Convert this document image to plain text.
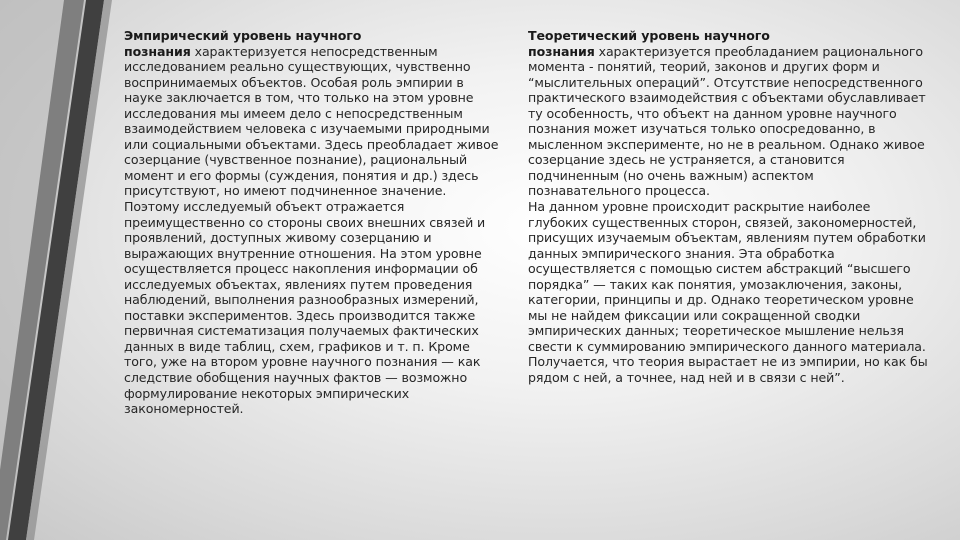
Эмпирический уровень научного
познания характеризуется непосредственным исследованием реально существующих, чувственно воспринимаемых объектов. Особая роль эмпирии в науке заключается в том, что только на этом уровне исследования мы имеем дело с непосредственным взаимодействием человека с изучаемыми природными или социальными объектами. Здесь преобладает живое созерцание (чувственное познание), рациональный момент и его формы (суждения, понятия и др.) здесь присутствуют, но имеют подчиненное значение. Поэтому исследуемый объект отражается преимущественно со стороны своих внешних связей и проявлений, доступных живому созерцанию и выражающих внутренние отношения. На этом уровне осуществляется процесс накопления информации об исследуемых объектах, явлениях путем проведения наблюдений, выполнения разнообразных измерений, поставки экспериментов. Здесь производится также первичная систематизация получаемых фактических данных в виде таблиц, схем, графиков и т. п. Кроме того, уже на втором уровне научного познания — как следствие обобщения научных фактов — возможно формулирование некоторых эмпирических закономерностей.

Теоретический уровень научного
познания характеризуется преобладанием рационального момента - понятий, теорий, законов и других форм и “мыслительных операций”. Отсутствие непосредственного практического взаимодействия с объектами обуславливает ту особенность, что объект на данном уровне научного познания может изучаться только опосредованно, в мысленном эксперименте, но не в реальном. Однако живое созерцание здесь не устраняется, а становится подчиненным (но очень важным) аспектом познавательного процесса.

На данном уровне происходит раскрытие наиболее глубоких существенных сторон, связей, закономерностей, присущих изучаемым объектам, явлениям путем обработки данных эмпирического знания. Эта обработка осуществляется с помощью систем абстракций “высшего порядка” — таких как понятия, умозаключения, законы, категории, принципы и др. Однако теоретическом уровне мы не найдем фиксации или сокращенной сводки эмпирических данных; теоретическое мышление нельзя свести к суммированию эмпирического данного материала. Получается, что теория вырастает не из эмпирии, но как бы рядом с ней, а точнее, над ней и в связи с ней”.
